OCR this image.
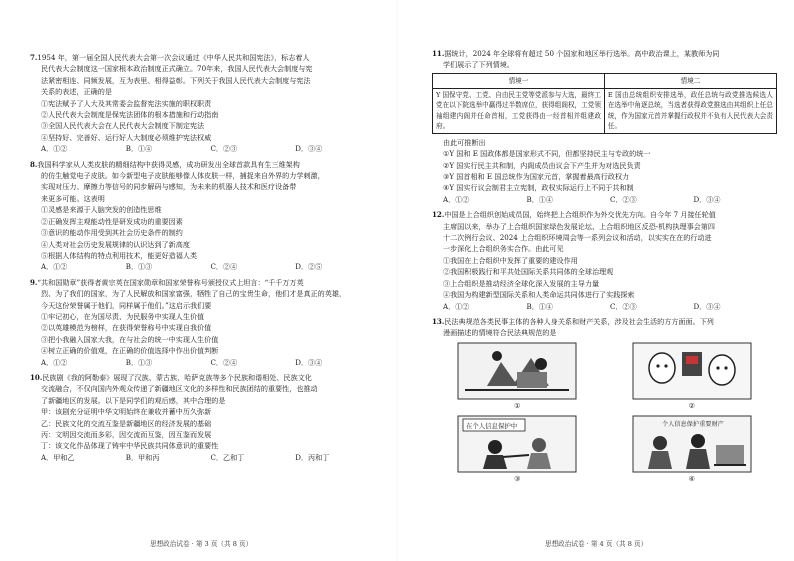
7.1954 年，第一届全国人民代表大会第一次会议通过《中华人民共和国宪法》，标志着人

民代表大会制度这一国家根本政治制度正式确立。70年来，我国人民代表大会制度与宪

法紧密相连、同频发展，互为表里、相得益彰。下列关于我国人民代表大会制度与宪法

关系的表述，正确的是

①宪法赋予了人大及其常委会监督宪法实施的职权职责

②人民代表大会制度是保宪法团体的根本措施和行动指南

③全国人民代表大会在人民代表大会制度下制定宪法

④坚持好、完善好、运行好人大制度必须维护宪法权威

A．①②	B．①④	C．②③	D．③④

8.我国科学家从人类皮肤的精细结构中获得灵感，成功研发出全球首款具有生三维架构

的仿生触觉电子皮肤。如今新型电子皮肤能够像人体皮肤一样，捕捉来自外界的力学刺激，

实现对压力、摩擦力等信号的同步解码与感知，为未来的机器人技术和医疗设备带

来更多可能。这表明

①灵感是来源于人脑突发的创造性思维

②正确发挥主观能动性是研发成功的重要因素

③意识的能动作用受到其社会历史条件的制约

④人类对社会历史发展规律的认识达到了新高度

⑤根据人体结构的特点利用技术，能更好造福人类

A．①②	B．①③	C．②④	D．②⑤

9.“共和国勋章”获得者黄宗英在国家勋章和国家荣誉称号颁授仪式上坦言：“千千万万英

烈、为了我们的国家，为了人民解放和国家富强，牺牲了自己的宝贵生命，他们才是真正的英雄，

今天这份荣誉属于他们，同样属于他们。”这启示我们要

①牢记初心，在为国尽责、为民服务中实现人生价值

②以英雄模范为榜样，在获得荣誉称号中实现自我价值

③把小我融入国家大我，在与社会的统一中实现人生价值

④树立正确的价值观，在正确的价值选择中作出价值判断

A．①②	B．①③	C．②④	D．③④

10.民族剧《我的阿勒泰》展现了汉族、蒙古族、哈萨克族等多个民族和谐相处、民族文化

交流融合，不仅向国内外观众传递了新疆地区文化的多样性和民族团结的重要性，也推动

了新疆地区的发展。以下是同学们的观后感，其中合理的是

甲：该剧充分证明中华文明始终在兼收并蓄中历久弥新

乙：民族文化的交流互鉴是新疆地区的经济发展的基础

丙：文明因交流而多彩，因交流而互鉴，因互鉴而发展

丁：该文化作品体现了铸牢中华民族共同体意识的重要性

A．甲和乙	B．甲和丙	C．乙和丁	D．丙和丁
思想政治试卷 · 第 3 页（共 8 页）

11.据统计，2024 年全球将有超过 50 个国家和地区举行选举。高中政治课上，某教师为同

学们展示了下列情境。

情境一	情境二
Y 国保守党、工党、自由民主党等党派参与大选，最终工党在以下院选举中赢得过半数席位，获得组阁权，工党领袖组建内阁并任命首相，工党获得由一经首相并组建政府。	E 国由总统组织安排选举，政任总统与政党推选候选人在选举中角逐总统，当选者获得政党推选由其组织上任总统，作为国家元首并掌握行政权并不负有人民代表大会责任。

由此可推断出

①Y 国和 E 国政体都是国家形式不同，但都坚持民主与专政的统一

②Y 国实行民主共和制，内阁成员由议会下产生并为对选民负责

③Y 国首相和 E 国总统作为国家元首，掌握着最高行政权力

④Y 国实行议会制君主立宪制，政权实际运行上不同于共和制

A．①②	B．①④	C．②③	D．③④

12.中国是上合组织创始成员国，始终把上合组织作为外交优先方向。自今年 7 月接任轮值

主席国以来，举办了上合组织国家绿色发展论坛、上合组织地区反恐-机构执理事会第四

十二次例行会议、2024 上合组织环境周会等一系列会议和活动，以实实在在的行动进

一步深化上合组织务实合作。由此可见

①我国在上合组织中发挥了重要的建设作用

②我国积极践行和平共处国际关系共同体的全球治理观

③上合组织是推动经济全球化深入发展的主导力量

④我国为构建新型国际关系和人类命运共同体进行了实践探索

A．①②	B．①④	C．②③	D．③④

13.民法典规范各类民事主体的各种人身关系和财产关系，涉及社会生活的方方面面。下列

漫画描述的情境符合民法典规范的是

①	②
在个人信息保护中
③
个人信息保护重要财产
④
思想政治试卷 · 第 4 页（共 8 页）
